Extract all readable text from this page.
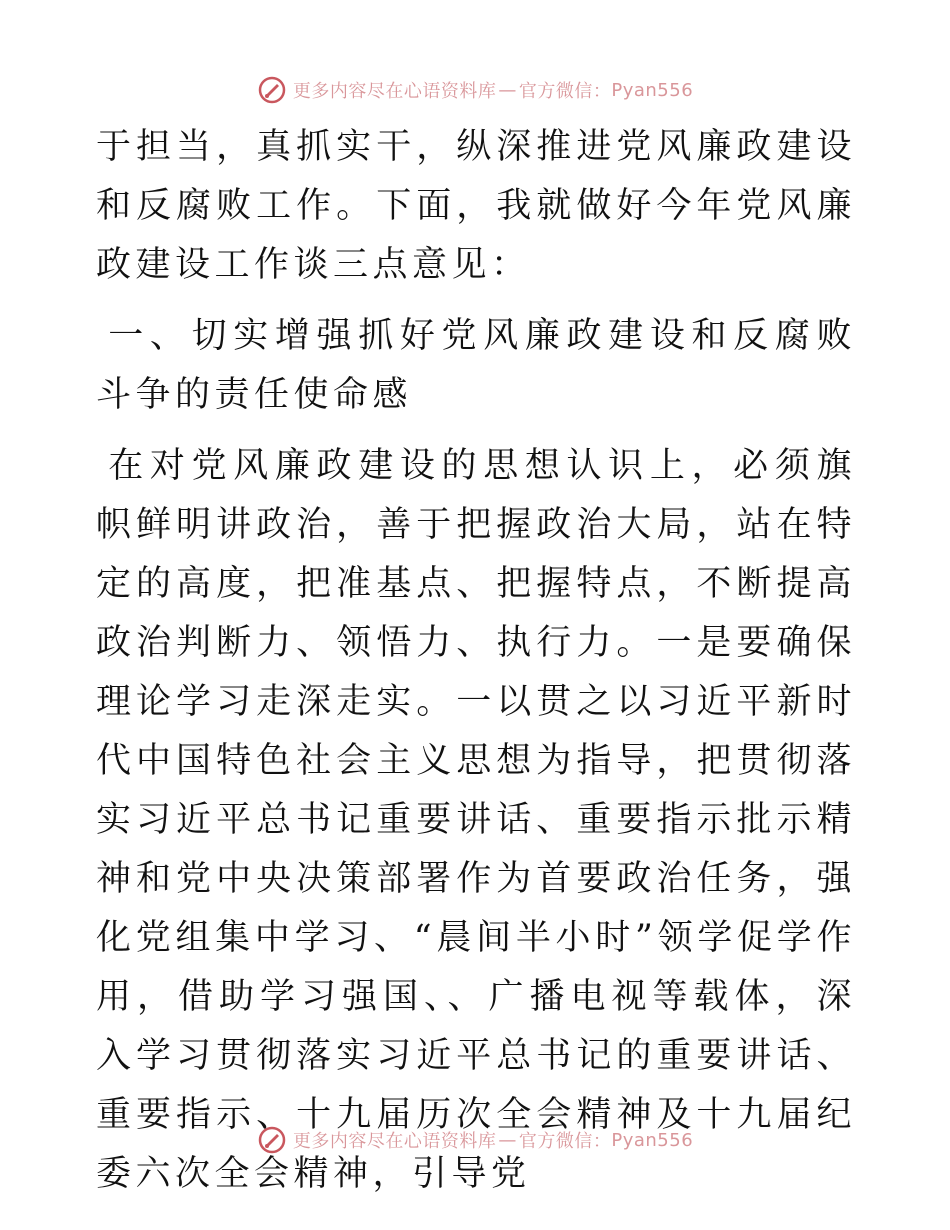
更多内容尽在心语资料库 — 官方微信： Pyan556

于担当，真抓实干，纵深推进党风廉政建设和反腐败工作。下面，我就做好今年党风廉政建设工作谈三点意见：

一、切实增强抓好党风廉政建设和反腐败斗争的责任使命感

在对党风廉政建设的思想认识上，必须旗帜鲜明讲政治，善于把握政治大局，站在特定的高度，把准基点、把握特点，不断提高政治判断力、领悟力、执行力。一是要确保理论学习走深走实。一以贯之以习近平新时代中国特色社会主义思想为指导，把贯彻落实习近平总书记重要讲话、重要指示批示精神和党中央决策部署作为首要政治任务，强化党组集中学习、“晨间半小时”领学促学作用，借助学习强国、、广播电视等载体，深入学习贯彻落实习近平总书记的重要讲话、重要指示、十九届历次全会精神及十九届纪委六次全会精神，引导党

更多内容尽在心语资料库 — 官方微信： Pyan556
